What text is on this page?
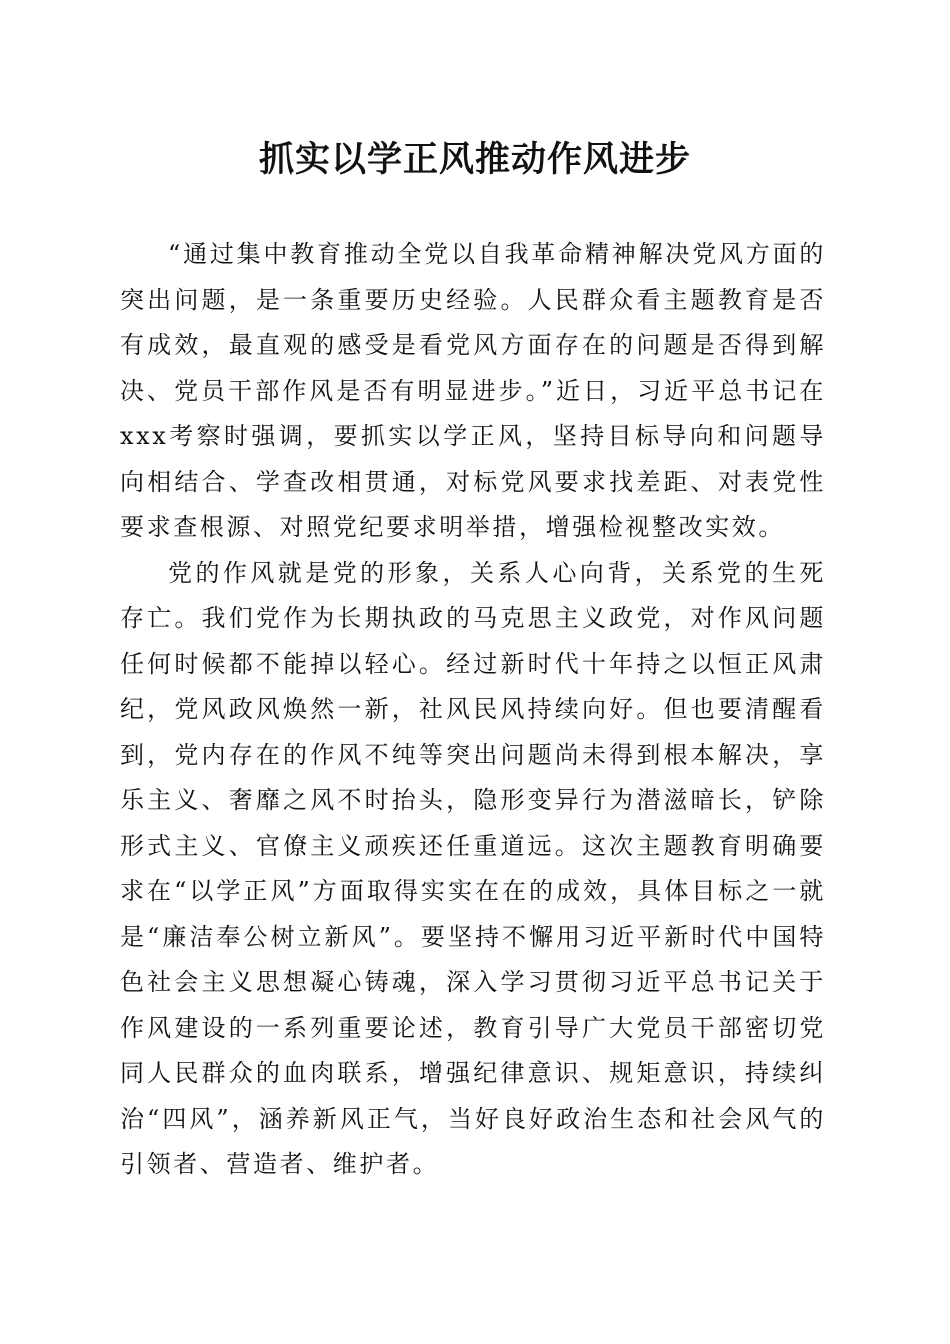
抓实以学正风推动作风进步

“通过集中教育推动全党以自我革命精神解决党风方面的突出问题，是一条重要历史经验。人民群众看主题教育是否有成效，最直观的感受是看党风方面存在的问题是否得到解决、党员干部作风是否有明显进步。”近日，习近平总书记在xxx考察时强调，要抓实以学正风，坚持目标导向和问题导向相结合、学查改相贯通，对标党风要求找差距、对表党性要求查根源、对照党纪要求明举措，增强检视整改实效。

党的作风就是党的形象，关系人心向背，关系党的生死存亡。我们党作为长期执政的马克思主义政党，对作风问题任何时候都不能掉以轻心。经过新时代十年持之以恒正风肃纪，党风政风焕然一新，社风民风持续向好。但也要清醒看到，党内存在的作风不纯等突出问题尚未得到根本解决，享乐主义、奢靡之风不时抬头，隐形变异行为潜滋暗长，铲除形式主义、官僚主义顽疾还任重道远。这次主题教育明确要求在“以学正风”方面取得实实在在的成效，具体目标之一就是“廉洁奉公树立新风”。要坚持不懈用习近平新时代中国特色社会主义思想凝心铸魂，深入学习贯彻习近平总书记关于作风建设的一系列重要论述，教育引导广大党员干部密切党同人民群众的血肉联系，增强纪律意识、规矩意识，持续纠治“四风”，涵养新风正气，当好良好政治生态和社会风气的引领者、营造者、维护者。
